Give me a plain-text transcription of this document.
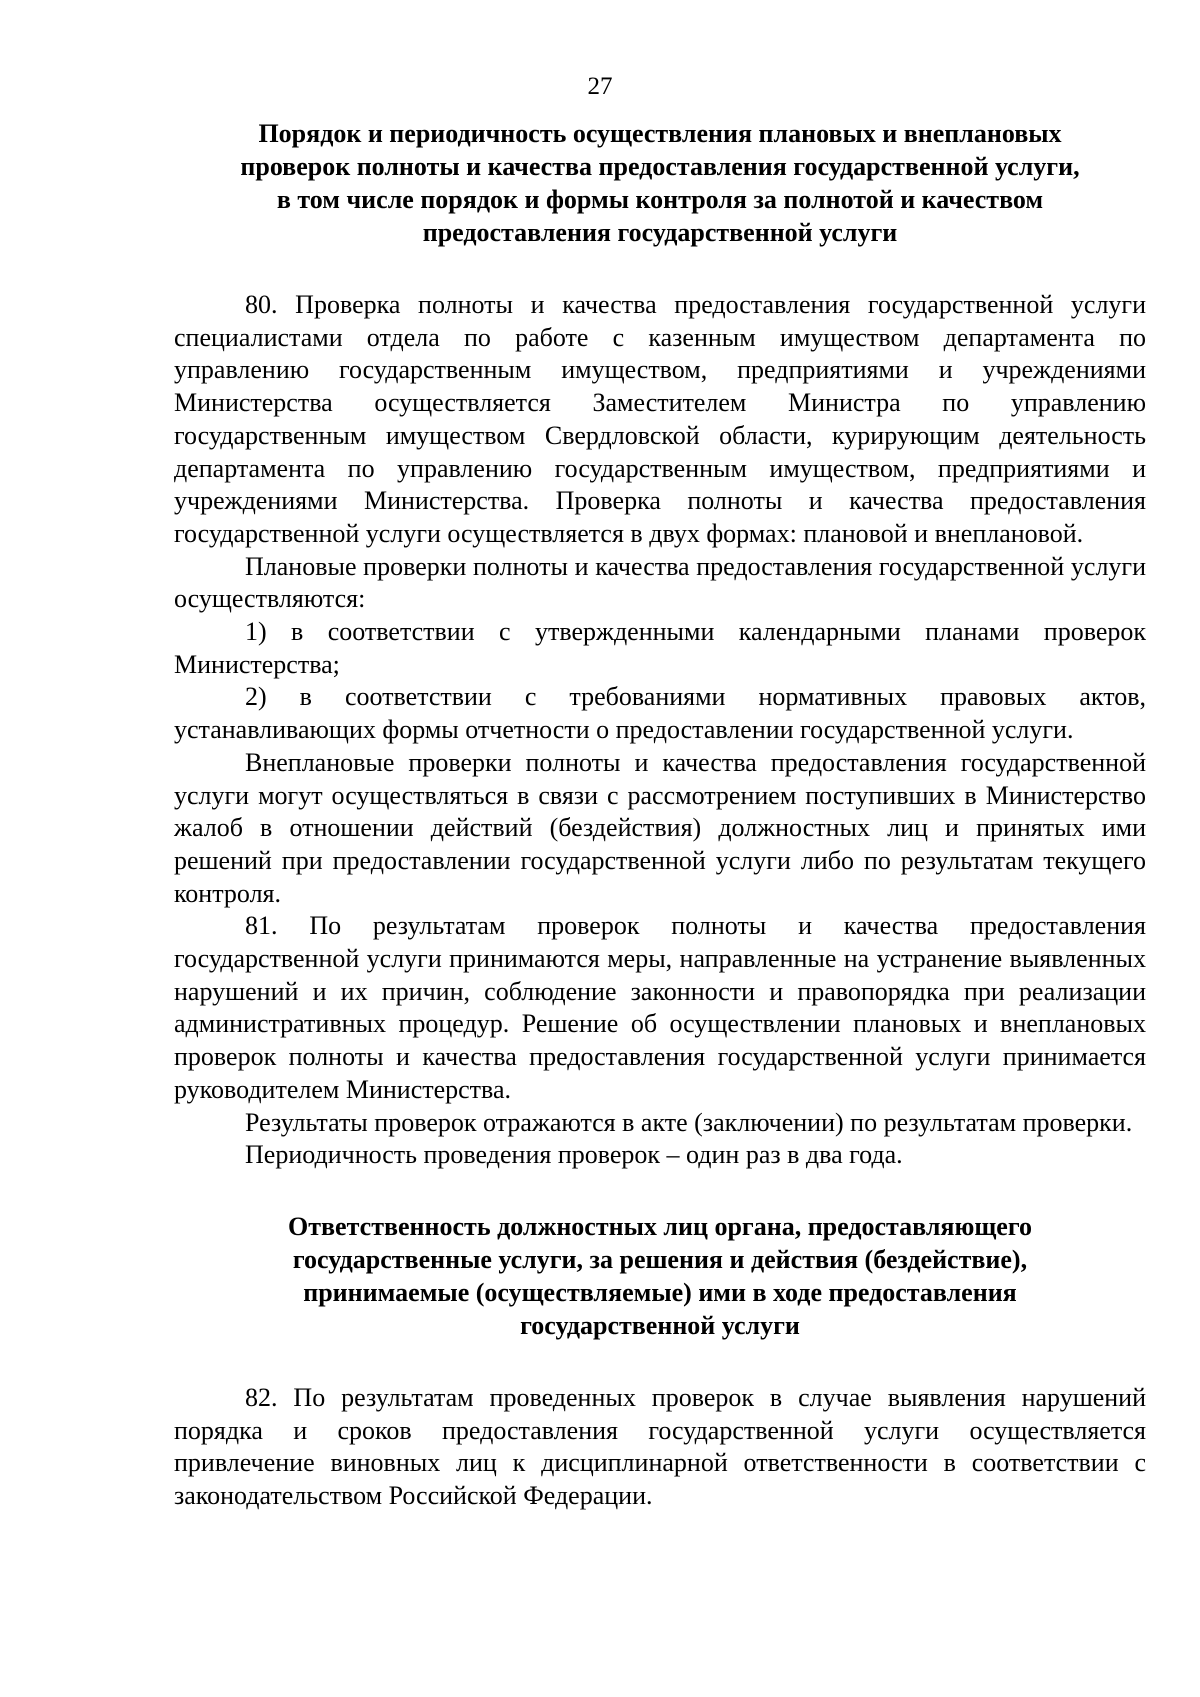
27
Порядок и периодичность осуществления плановых и внеплановых
проверок полноты и качества предоставления государственной услуги,
в том числе порядок и формы контроля за полнотой и качеством
предоставления государственной услуги

80. Проверка полноты и качества предоставления государственной услуги специалистами отдела по работе с казенным имуществом департамента по управлению государственным имуществом, предприятиями и учреждениями Министерства осуществляется Заместителем Министра по управлению государственным имуществом Свердловской области, курирующим деятельность департамента по управлению государственным имуществом, предприятиями и учреждениями Министерства. Проверка полноты и качества предоставления государственной услуги осуществляется в двух формах: плановой и внеплановой.

Плановые проверки полноты и качества предоставления государственной услуги осуществляются:

1) в соответствии с утвержденными календарными планами проверок Министерства;

2) в соответствии с требованиями нормативных правовых актов, устанавливающих формы отчетности о предоставлении государственной услуги.

Внеплановые проверки полноты и качества предоставления государственной услуги могут осуществляться в связи с рассмотрением поступивших в Министерство жалоб в отношении действий (бездействия) должностных лиц и принятых ими решений при предоставлении государственной услуги либо по результатам текущего контроля.

81. По результатам проверок полноты и качества предоставления государственной услуги принимаются меры, направленные на устранение выявленных нарушений и их причин, соблюдение законности и правопорядка при реализации административных процедур. Решение об осуществлении плановых и внеплановых проверок полноты и качества предоставления государственной услуги принимается руководителем Министерства.

Результаты проверок отражаются в акте (заключении) по результатам проверки.

Периодичность проведения проверок – один раз в два года.

Ответственность должностных лиц органа, предоставляющего
государственные услуги, за решения и действия (бездействие),
принимаемые (осуществляемые) ими в ходе предоставления
государственной услуги

82. По результатам проведенных проверок в случае выявления нарушений порядка и сроков предоставления государственной услуги осуществляется привлечение виновных лиц к дисциплинарной ответственности в соответствии с законодательством Российской Федерации.
